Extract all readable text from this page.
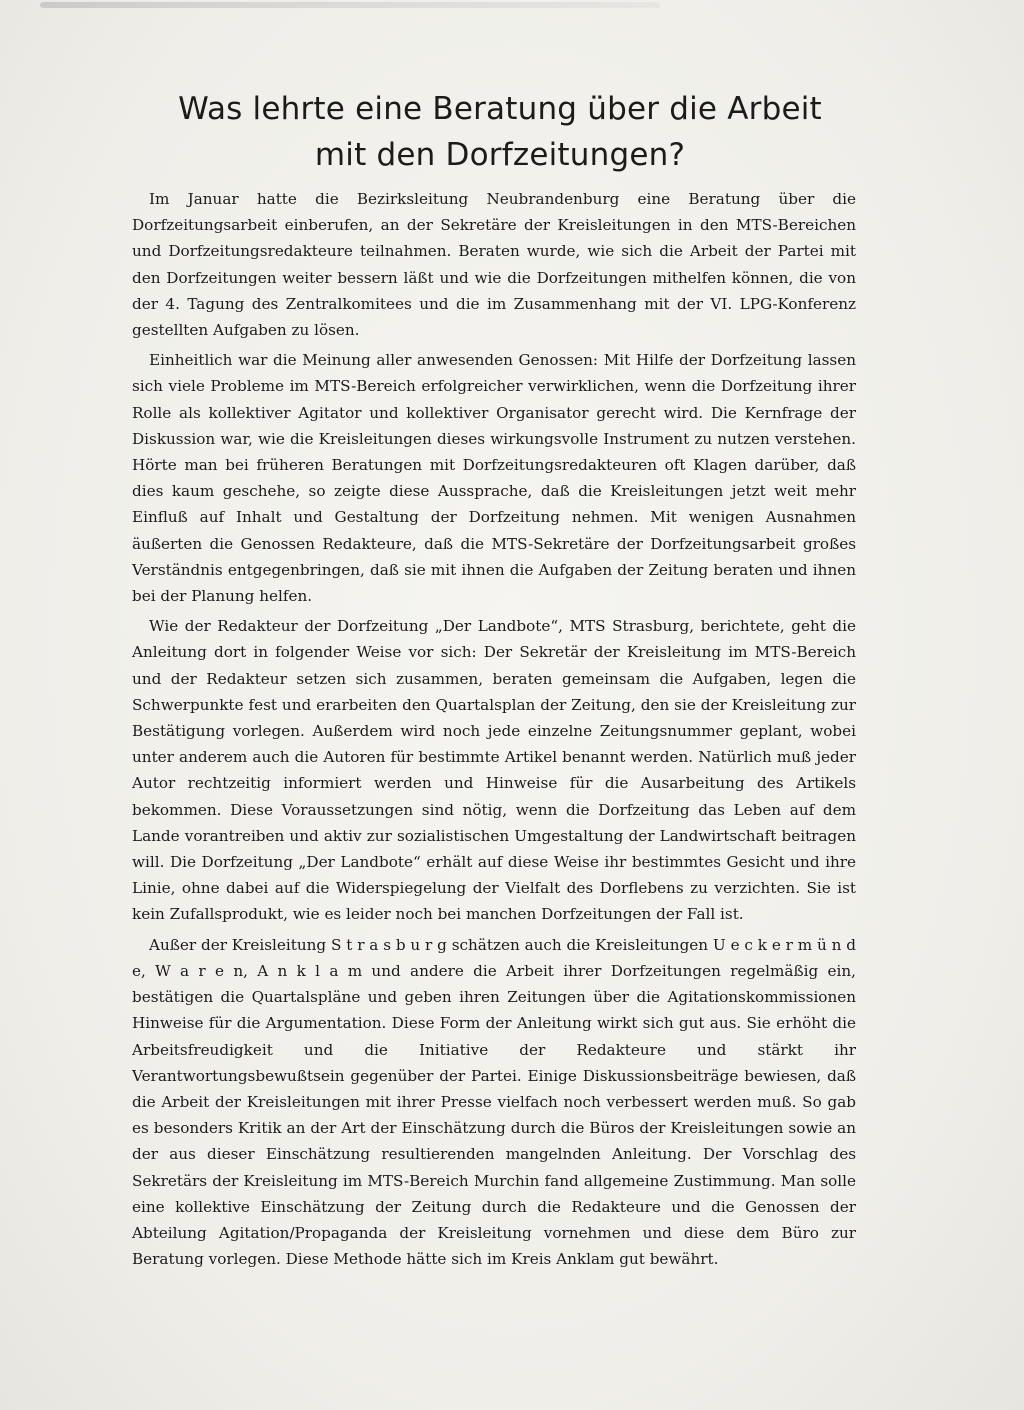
Was lehrte eine Beratung über die Arbeit
mit den Dorfzeitungen?

Im Januar hatte die Bezirksleitung Neubrandenburg eine Beratung über die Dorfzeitungsarbeit einberufen, an der Sekretäre der Kreisleitungen in den MTS-Bereichen und Dorfzeitungsredakteure teilnahmen. Beraten wurde, wie sich die Arbeit der Partei mit den Dorfzeitungen weiter bessern läßt und wie die Dorfzeitungen mithelfen können, die von der 4. Tagung des Zentralkomitees und die im Zusammenhang mit der VI. LPG-Konferenz gestellten Aufgaben zu lösen.

Einheitlich war die Meinung aller anwesenden Genossen: Mit Hilfe der Dorfzeitung lassen sich viele Probleme im MTS-Bereich erfolgreicher verwirklichen, wenn die Dorfzeitung ihrer Rolle als kollektiver Agitator und kollektiver Organisator gerecht wird. Die Kernfrage der Diskussion war, wie die Kreisleitungen dieses wirkungsvolle Instrument zu nutzen verstehen. Hörte man bei früheren Beratungen mit Dorfzeitungsredakteuren oft Klagen darüber, daß dies kaum geschehe, so zeigte diese Aussprache, daß die Kreisleitungen jetzt weit mehr Einfluß auf Inhalt und Gestaltung der Dorfzeitung nehmen. Mit wenigen Ausnahmen äußerten die Genossen Redakteure, daß die MTS-Sekretäre der Dorfzeitungsarbeit großes Verständnis entgegenbringen, daß sie mit ihnen die Aufgaben der Zeitung beraten und ihnen bei der Planung helfen.

Wie der Redakteur der Dorfzeitung „Der Landbote“, MTS Strasburg, berichtete, geht die Anleitung dort in folgender Weise vor sich: Der Sekretär der Kreisleitung im MTS-Bereich und der Redakteur setzen sich zusammen, beraten gemeinsam die Aufgaben, legen die Schwerpunkte fest und erarbeiten den Quartalsplan der Zeitung, den sie der Kreisleitung zur Bestätigung vorlegen. Außerdem wird noch jede einzelne Zeitungsnummer geplant, wobei unter anderem auch die Autoren für bestimmte Artikel benannt werden. Natürlich muß jeder Autor rechtzeitig informiert werden und Hinweise für die Ausarbeitung des Artikels bekommen. Diese Voraussetzungen sind nötig, wenn die Dorfzeitung das Leben auf dem Lande vorantreiben und aktiv zur sozialistischen Umgestaltung der Landwirtschaft beitragen will. Die Dorfzeitung „Der Landbote“ erhält auf diese Weise ihr bestimmtes Gesicht und ihre Linie, ohne dabei auf die Widerspiegelung der Vielfalt des Dorflebens zu verzichten. Sie ist kein Zufallsprodukt, wie es leider noch bei manchen Dorfzeitungen der Fall ist.

Außer der Kreisleitung S t r a s b u r g schätzen auch die Kreisleitungen U e c k e r m ü n d e, W a r e n, A n k l a m und andere die Arbeit ihrer Dorfzeitungen regelmäßig ein, bestätigen die Quartalspläne und geben ihren Zeitungen über die Agitationskommissionen Hinweise für die Argumentation. Diese Form der Anleitung wirkt sich gut aus. Sie erhöht die Arbeitsfreudigkeit und die Initiative der Redakteure und stärkt ihr Verantwortungsbewußtsein gegenüber der Partei. Einige Diskussionsbeiträge bewiesen, daß die Arbeit der Kreisleitungen mit ihrer Presse vielfach noch verbessert werden muß. So gab es besonders Kritik an der Art der Einschätzung durch die Büros der Kreisleitungen sowie an der aus dieser Einschätzung resultierenden mangelnden Anleitung. Der Vorschlag des Sekretärs der Kreisleitung im MTS-Bereich Murchin fand allgemeine Zustimmung. Man solle eine kollektive Einschätzung der Zeitung durch die Redakteure und die Genossen der Abteilung Agitation/Propaganda der Kreisleitung vornehmen und diese dem Büro zur Beratung vorlegen. Diese Methode hätte sich im Kreis Anklam gut bewährt.
